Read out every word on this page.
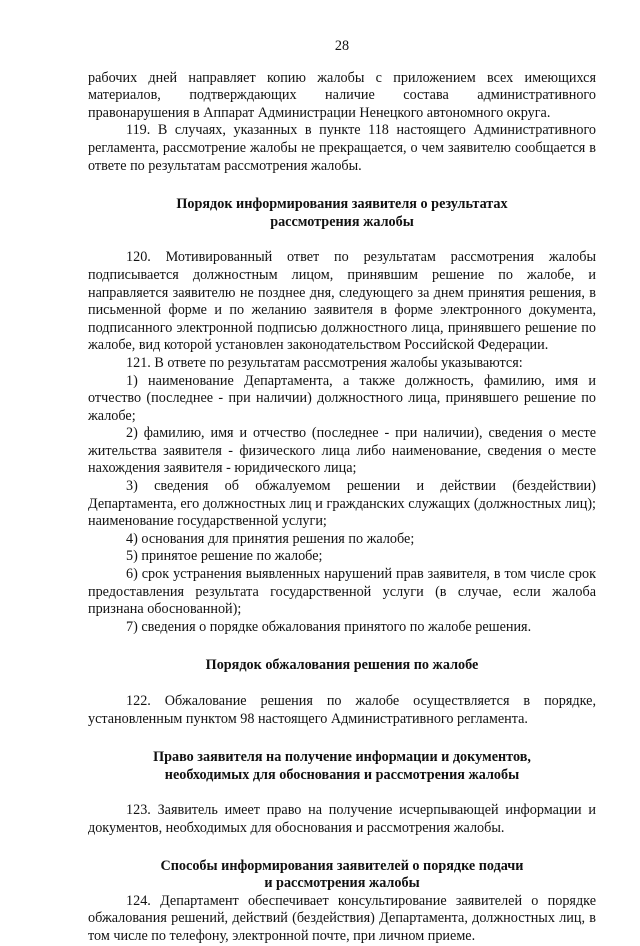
28

рабочих дней направляет копию жалобы с приложением всех имеющихся материалов, подтверждающих наличие состава административного правонарушения в Аппарат Администрации Ненецкого автономного округа.

119. В случаях, указанных в пункте 118 настоящего Административного регламента, рассмотрение жалобы не прекращается, о чем заявителю сообщается в ответе по результатам рассмотрения жалобы.

Порядок информирования заявителя о результатах
рассмотрения жалобы

120. Мотивированный ответ по результатам рассмотрения жалобы подписывается должностным лицом, принявшим решение по жалобе, и направляется заявителю не позднее дня, следующего за днем принятия решения, в письменной форме и по желанию заявителя в форме электронного документа, подписанного электронной подписью должностного лица, принявшего решение по жалобе, вид которой установлен законодательством Российской Федерации.

121. В ответе по результатам рассмотрения жалобы указываются:

1) наименование Департамента, а также должность, фамилию, имя и отчество (последнее - при наличии) должностного лица, принявшего решение по жалобе;

2) фамилию, имя и отчество (последнее - при наличии), сведения о месте жительства заявителя - физического лица либо наименование, сведения о месте нахождения заявителя - юридического лица;

3) сведения об обжалуемом решении и действии (бездействии) Департамента, его должностных лиц и гражданских служащих (должностных лиц); наименование государственной услуги;

4) основания для принятия решения по жалобе;

5) принятое решение по жалобе;

6) срок устранения выявленных нарушений прав заявителя, в том числе срок предоставления результата государственной услуги (в случае, если жалоба признана обоснованной);

7) сведения о порядке обжалования принятого по жалобе решения.

Порядок обжалования решения по жалобе

122. Обжалование решения по жалобе осуществляется в порядке, установленным пунктом 98 настоящего Административного регламента.

Право заявителя на получение информации и документов,
необходимых для обоснования и рассмотрения жалобы

123. Заявитель имеет право на получение исчерпывающей информации и документов, необходимых для обоснования и рассмотрения жалобы.

Способы информирования заявителей о порядке подачи
и рассмотрения жалобы

124. Департамент обеспечивает консультирование заявителей о порядке обжалования решений, действий (бездействия) Департамента, должностных лиц, в том числе по телефону, электронной почте, при личном приеме.
